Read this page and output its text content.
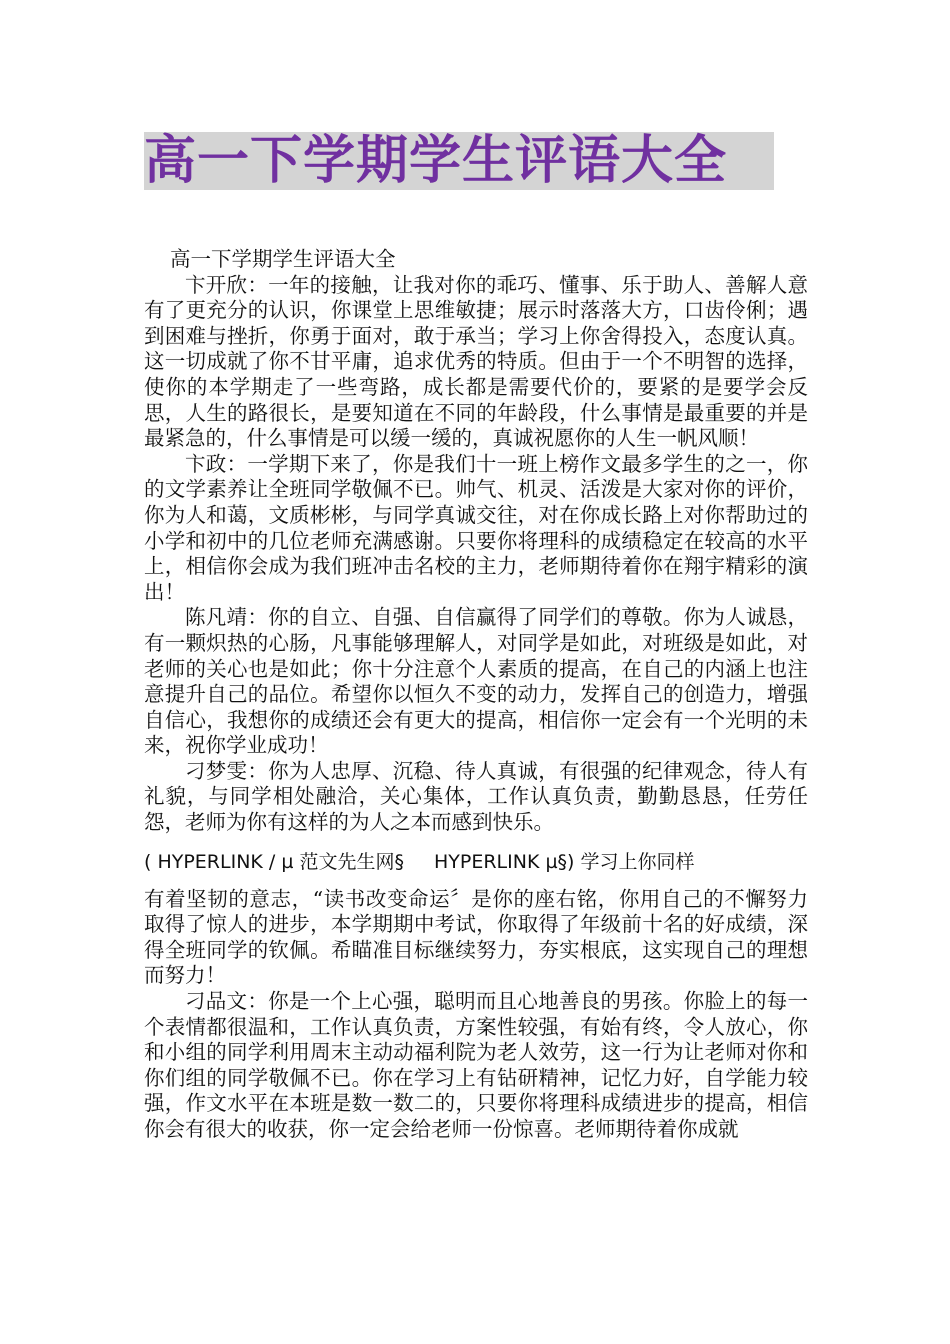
高一下学期学生评语大全

高一下学期学生评语大全

卞开欣：一年的接触，让我对你的乖巧、懂事、乐于助人、善解人意有了更充分的认识，你课堂上思维敏捷；展示时落落大方，口齿伶俐；遇到困难与挫折，你勇于面对，敢于承当；学习上你舍得投入，态度认真。这一切成就了你不甘平庸，追求优秀的特质。但由于一个不明智的选择，使你的本学期走了一些弯路，成长都是需要代价的，要紧的是要学会反思，人生的路很长，是要知道在不同的年龄段，什么事情是最重要的并是最紧急的，什么事情是可以缓一缓的，真诚祝愿你的人生一帆风顺！

卞政：一学期下来了，你是我们十一班上榜作文最多学生的之一，你的文学素养让全班同学敬佩不已。帅气、机灵、活泼是大家对你的评价，你为人和蔼，文质彬彬，与同学真诚交往，对在你成长路上对你帮助过的小学和初中的几位老师充满感谢。只要你将理科的成绩稳定在较高的水平上，相信你会成为我们班冲击名校的主力，老师期待着你在翔宇精彩的演出！

陈凡靖：你的自立、自强、自信赢得了同学们的尊敬。你为人诚恳，有一颗炽热的心肠，凡事能够理解人，对同学是如此，对班级是如此，对老师的关心也是如此；你十分注意个人素质的提高，在自己的内涵上也注意提升自己的品位。希望你以恒久不变的动力，发挥自己的创造力，增强自信心，我想你的成绩还会有更大的提高，相信你一定会有一个光明的未来，祝你学业成功！

刁梦雯：你为人忠厚、沉稳、待人真诚，有很强的纪律观念，待人有礼貌，与同学相处融洽，关心集体，工作认真负责，勤勤恳恳，任劳任怨，老师为你有这样的为人之本而感到快乐。

( HYPERLINK / µ 范文先生网§ HYPERLINK µ§) 学习上你同样

有着坚韧的意志，“读书改变命运〞是你的座右铭，你用自己的不懈努力取得了惊人的进步，本学期期中考试，你取得了年级前十名的好成绩，深得全班同学的钦佩。希瞄准目标继续努力，夯实根底，这实现自己的理想而努力！

刁品文：你是一个上心强，聪明而且心地善良的男孩。你脸上的每一个表情都很温和，工作认真负责，方案性较强，有始有终，令人放心，你和小组的同学利用周末主动动福利院为老人效劳，这一行为让老师对你和你们组的同学敬佩不已。你在学习上有钻研精神，记忆力好，自学能力较强，作文水平在本班是数一数二的，只要你将理科成绩进步的提高，相信你会有很大的收获，你一定会给老师一份惊喜。老师期待着你成就
